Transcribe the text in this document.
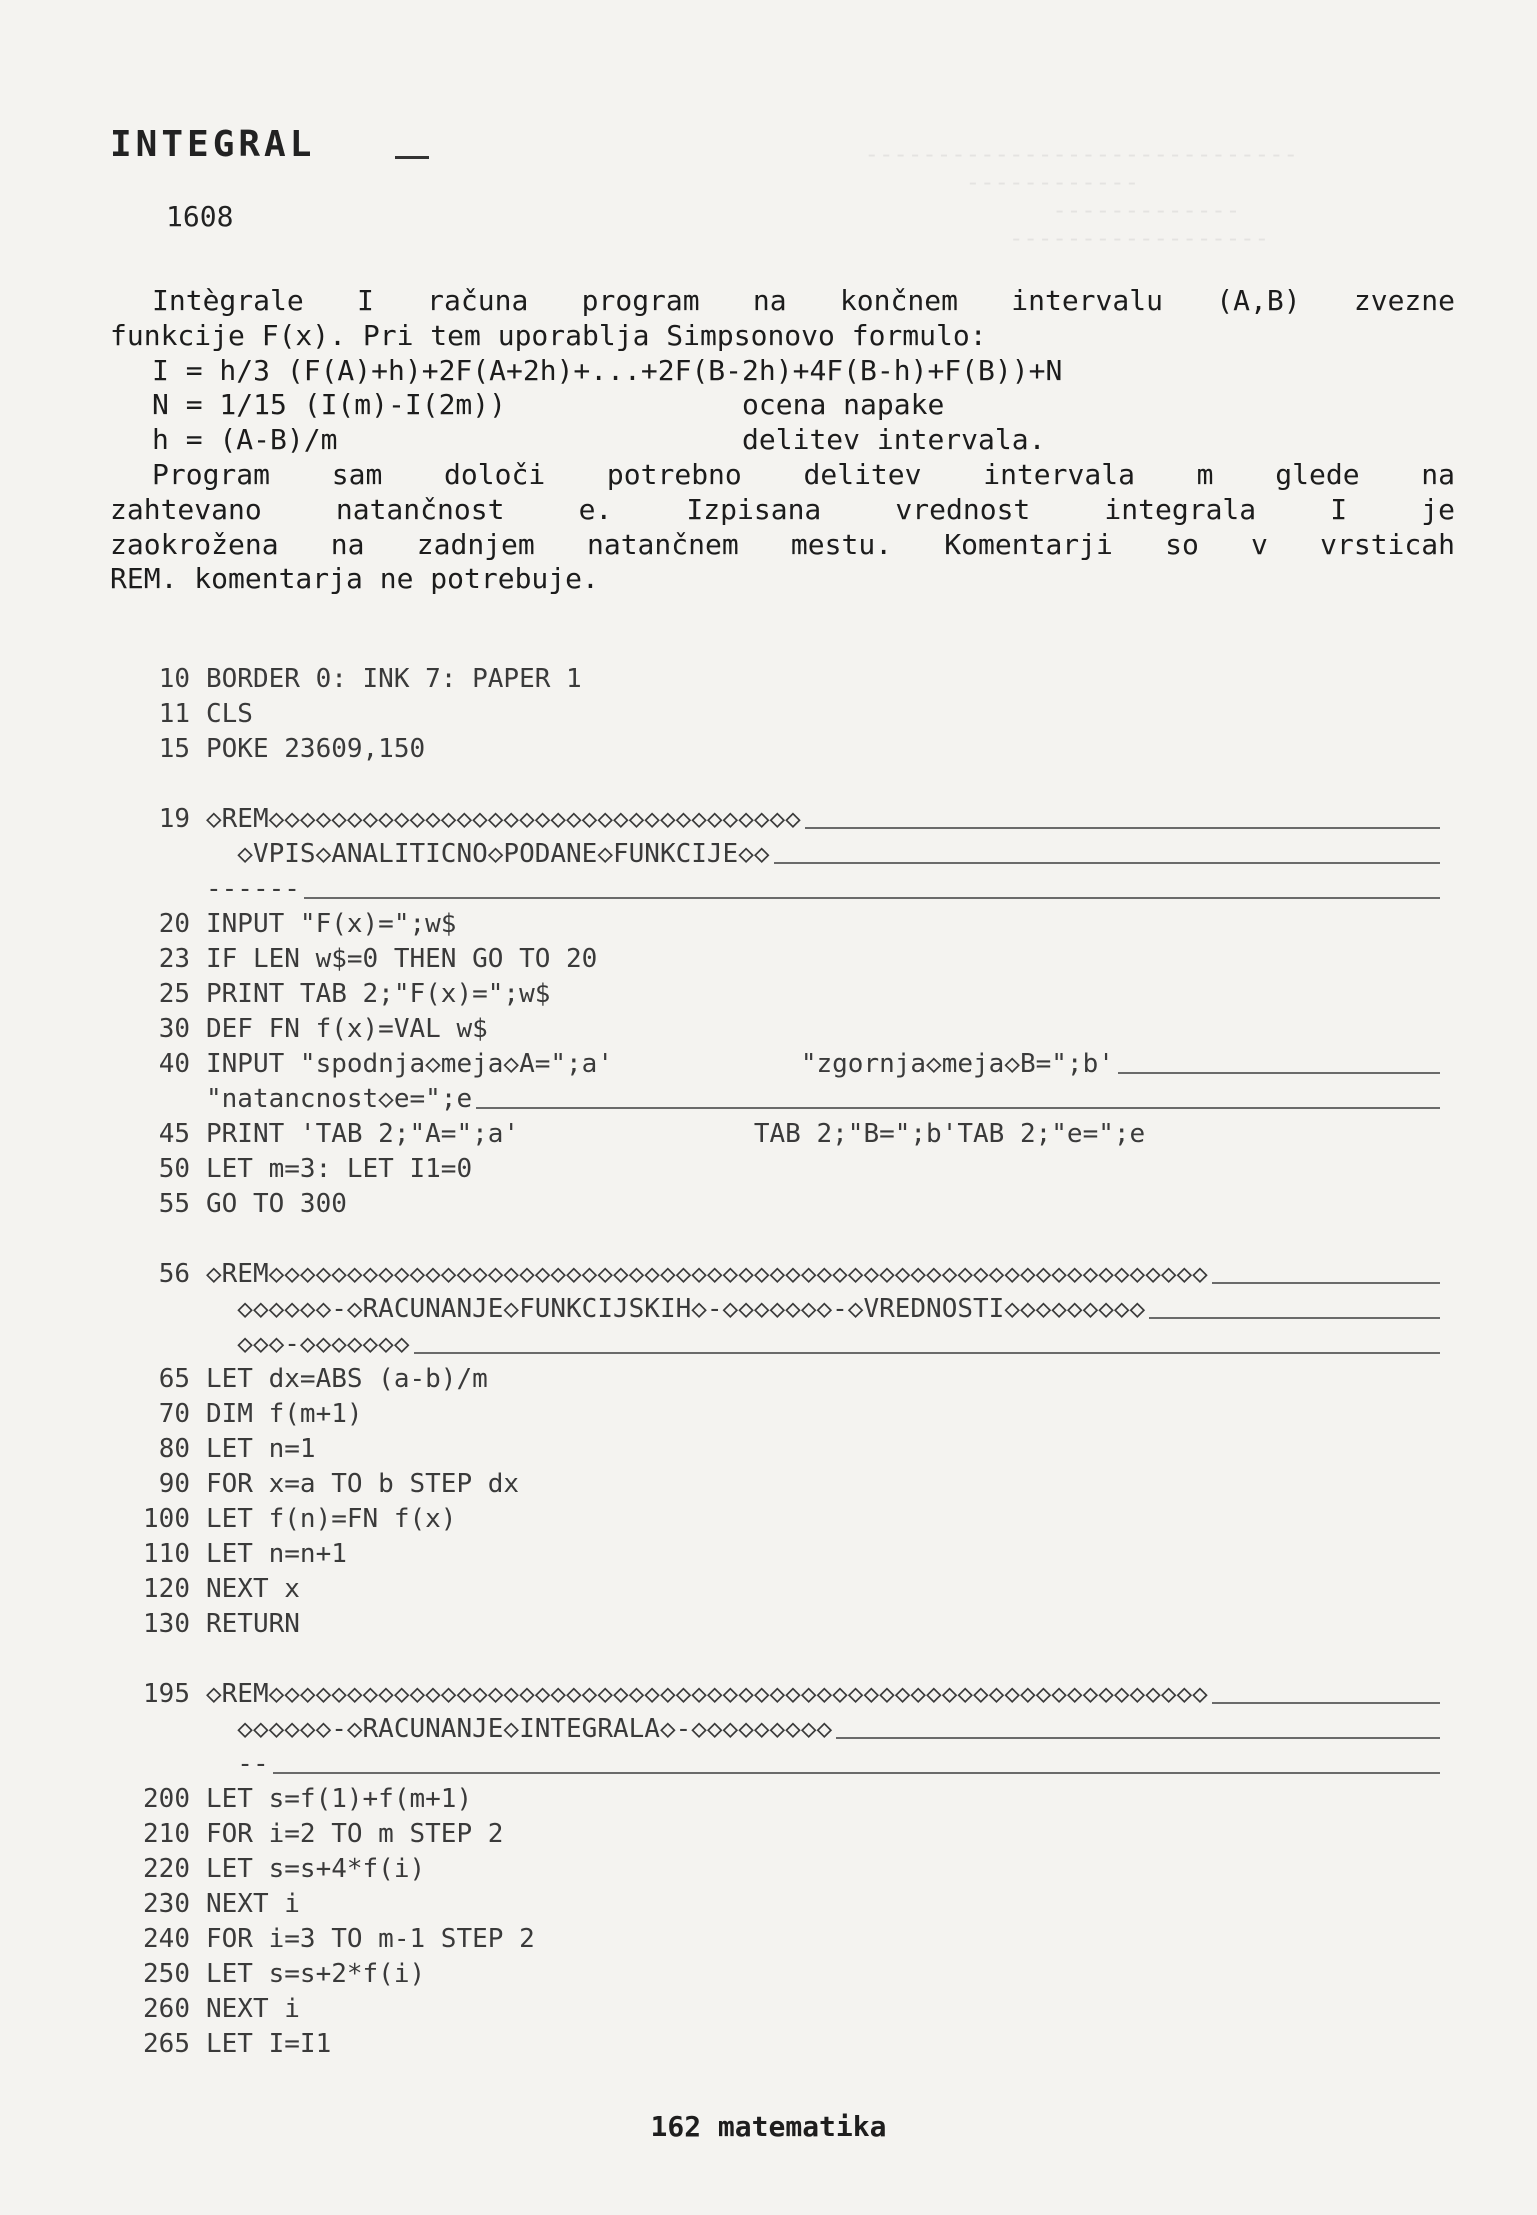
------------------------------
------------
-------------
------------------
INTEGRAL
1608
Intègrale I računa program na končnem intervalu (A,B) zvezne
funkcije F(x). Pri tem uporablja Simpsonovo formulo:
I = h/3 (F(A)+h)+2F(A+2h)+...+2F(B-2h)+4F(B-h)+F(B))+N
N = 1/15 (I(m)-I(2m))              ocena napake
h = (A-B)/m                        delitev intervala.
Program sam določi potrebno delitev intervala m glede na
zahtevano natančnost e. Izpisana vrednost integrala I je
zaokrožena na zadnjem natančnem mestu. Komentarji so v vrsticah
REM. komentarja ne potrebuje.
10 BORDER 0: INK 7: PAPER 1
11 CLS
15 POKE 23609,150
19 ◇REM◇◇◇◇◇◇◇◇◇◇◇◇◇◇◇◇◇◇◇◇◇◇◇◇◇◇◇◇◇◇◇◇◇◇
◇VPIS◇ANALITICNO◇PODANE◇FUNKCIJE◇◇
------
20 INPUT "F(x)=";w$
23 IF LEN w$=0 THEN GO TO 20
25 PRINT TAB 2;"F(x)=";w$
30 DEF FN f(x)=VAL w$
40 INPUT "spodnja◇meja◇A=";a'            "zgornja◇meja◇B=";b'
"natancnost◇e=";e
45 PRINT 'TAB 2;"A=";a'               TAB 2;"B=";b'TAB 2;"e=";e
50 LET m=3: LET I1=0
55 GO TO 300
56 ◇REM◇◇◇◇◇◇◇◇◇◇◇◇◇◇◇◇◇◇◇◇◇◇◇◇◇◇◇◇◇◇◇◇◇◇◇◇◇◇◇◇◇◇◇◇◇◇◇◇◇◇◇◇◇◇◇◇◇◇◇◇
◇◇◇◇◇◇-◇RACUNANJE◇FUNKCIJSKIH◇-◇◇◇◇◇◇◇-◇VREDNOSTI◇◇◇◇◇◇◇◇◇
◇◇◇-◇◇◇◇◇◇◇
65 LET dx=ABS (a-b)/m
70 DIM f(m+1)
80 LET n=1
90 FOR x=a TO b STEP dx
100 LET f(n)=FN f(x)
110 LET n=n+1
120 NEXT x
130 RETURN
195 ◇REM◇◇◇◇◇◇◇◇◇◇◇◇◇◇◇◇◇◇◇◇◇◇◇◇◇◇◇◇◇◇◇◇◇◇◇◇◇◇◇◇◇◇◇◇◇◇◇◇◇◇◇◇◇◇◇◇◇◇◇◇
◇◇◇◇◇◇-◇RACUNANJE◇INTEGRALA◇-◇◇◇◇◇◇◇◇◇
--
200 LET s=f(1)+f(m+1)
210 FOR i=2 TO m STEP 2
220 LET s=s+4*f(i)
230 NEXT i
240 FOR i=3 TO m-1 STEP 2
250 LET s=s+2*f(i)
260 NEXT i
265 LET I=I1
162 matematika
